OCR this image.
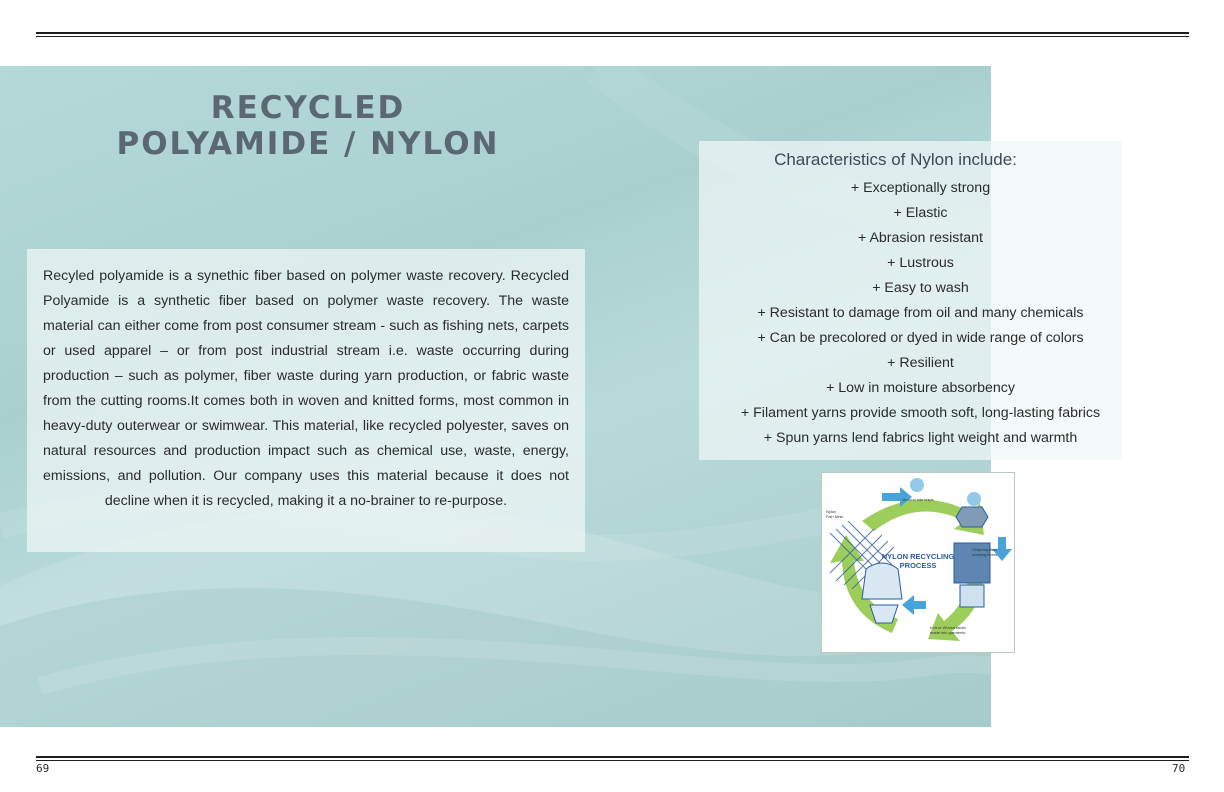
RECYCLED
POLYAMIDE / NYLON
Recyled polyamide is a synethic fiber based on polymer waste recovery. Recycled Polyamide is a synthetic fiber based on polymer waste recovery. The waste material can either come from post consumer stream - such as fishing nets, carpets or used apparel – or from post industrial stream i.e. waste occurring during production – such as polymer, fiber waste during yarn production, or fabric waste from the cutting rooms.It comes both in woven and knitted forms, most common in heavy-duty outerwear or swimwear. This material, like recycled polyester, saves on natural resources and production impact such as chemical use, waste, energy, emissions, and pollution. Our company uses this material because it does not decline when it is recycled, making it a no-brainer to re-purpose.
Characteristics of Nylon include:
+ Exceptionally strong
+ Elastic
+ Abrasion resistant
+ Lustrous
+ Easy to wash
+ Resistant to damage from oil and many chemicals
+ Can be precolored or dyed in wide range of colors
+ Resilient
+ Low in moisture absorbency
+ Filament yarns provide smooth soft, long-lasting fabrics
+ Spun yarns lend fabrics light weight and warmth
NYLON RECYCLING
PROCESS
Ground into chips
Nylon
Fish Nets
Chips liquified
creating fibers
Knit or Woven fabric
made into garments
69	70
